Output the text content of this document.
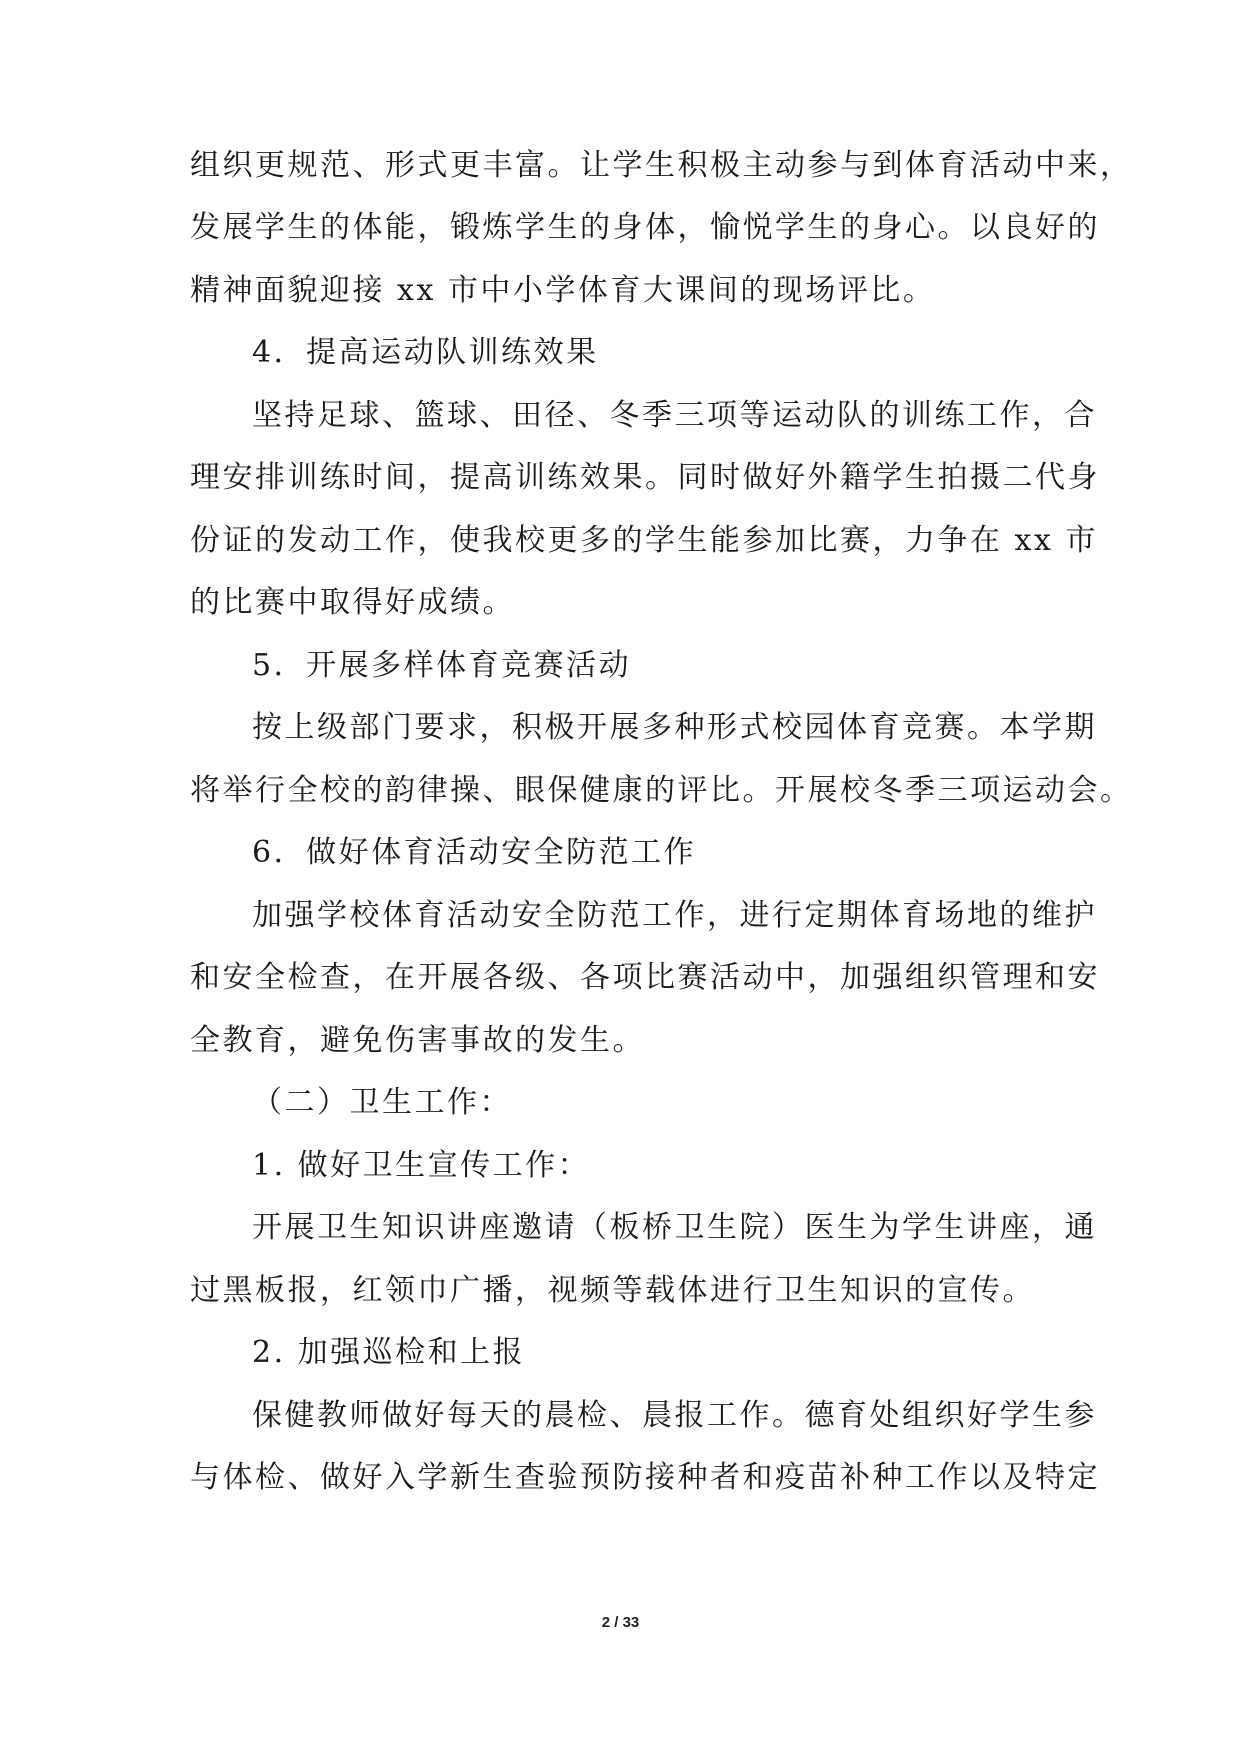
组织更规范、形式更丰富。让学生积极主动参与到体育活动中来，
发展学生的体能，锻炼学生的身体，愉悦学生的身心。以良好的
精神面貌迎接 xx 市中小学体育大课间的现场评比。
4．提高运动队训练效果
坚持足球、篮球、田径、冬季三项等运动队的训练工作，合
理安排训练时间，提高训练效果。同时做好外籍学生拍摄二代身
份证的发动工作，使我校更多的学生能参加比赛，力争在 xx 市
的比赛中取得好成绩。
5．开展多样体育竞赛活动
按上级部门要求，积极开展多种形式校园体育竞赛。本学期
将举行全校的韵律操、眼保健康的评比。开展校冬季三项运动会。
6．做好体育活动安全防范工作
加强学校体育活动安全防范工作，进行定期体育场地的维护
和安全检查，在开展各级、各项比赛活动中，加强组织管理和安
全教育，避免伤害事故的发生。
（二）卫生工作：
1. 做好卫生宣传工作：
开展卫生知识讲座邀请（板桥卫生院）医生为学生讲座，通
过黑板报，红领巾广播，视频等载体进行卫生知识的宣传。
2. 加强巡检和上报
保健教师做好每天的晨检、晨报工作。德育处组织好学生参
与体检、做好入学新生查验预防接种者和疫苗补种工作以及特定
2 / 33
